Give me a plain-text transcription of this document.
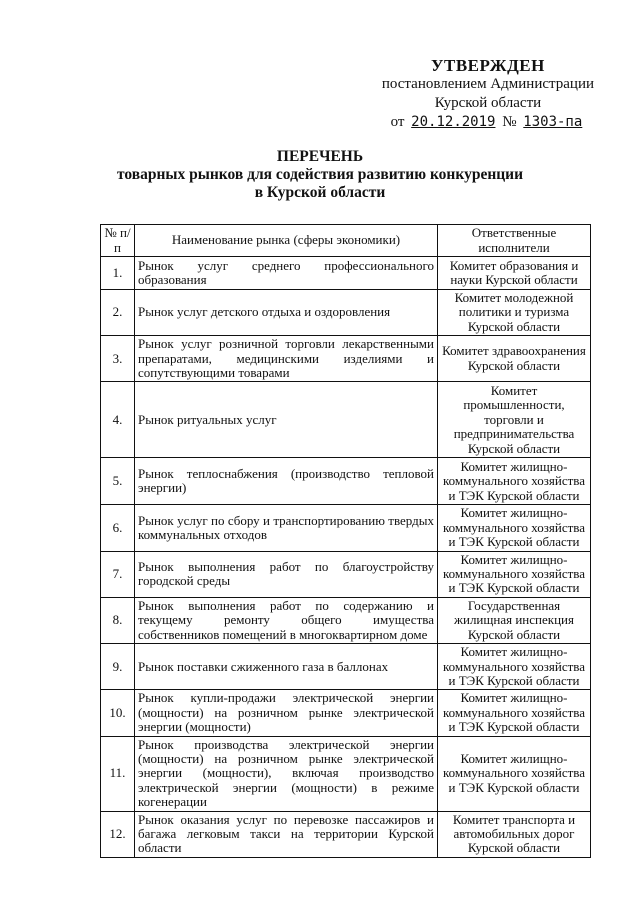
УТВЕРЖДЕН
постановлением Администрации
Курской области
от 20.12.2019 № 1303-па
ПЕРЕЧЕНЬ
товарных рынков для содействия развитию конкуренции
в Курской области
№ п/п	Наименование рынка (сферы экономики)	Ответственные исполнители
1.	Рынок услуг среднего профессионального образования	Комитет образования и науки Курской области
2.	Рынок услуг детского отдыха и оздоровления	Комитет молодежной политики и туризма Курской области
3.	Рынок услуг розничной торговли лекарственными препаратами, медицинскими изделиями и сопутствующими товарами	Комитет здравоохранения Курской области
4.	Рынок ритуальных услуг	Комитет промышленности, торговли и предпринимательства Курской области
5.	Рынок теплоснабжения (производство тепловой энергии)	Комитет жилищно-коммунального хозяйства и ТЭК Курской области
6.	Рынок услуг по сбору и транспортированию твердых коммунальных отходов	Комитет жилищно-коммунального хозяйства и ТЭК Курской области
7.	Рынок выполнения работ по благоустройству городской среды	Комитет жилищно-коммунального хозяйства и ТЭК Курской области
8.	Рынок выполнения работ по содержанию и текущему ремонту общего имущества собственников помещений в многоквартирном доме	Государственная жилищная инспекция Курской области
9.	Рынок поставки сжиженного газа в баллонах	Комитет жилищно-коммунального хозяйства и ТЭК Курской области
10.	Рынок купли-продажи электрической энергии (мощности) на розничном рынке электрической энергии (мощности)	Комитет жилищно-коммунального хозяйства и ТЭК Курской области
11.	Рынок производства электрической энергии (мощности) на розничном рынке электрической энергии (мощности), включая производство электрической энергии (мощности) в режиме когенерации	Комитет жилищно-коммунального хозяйства и ТЭК Курской области
12.	Рынок оказания услуг по перевозке пассажиров и багажа легковым такси на территории Курской области	Комитет транспорта и автомобильных дорог Курской области
